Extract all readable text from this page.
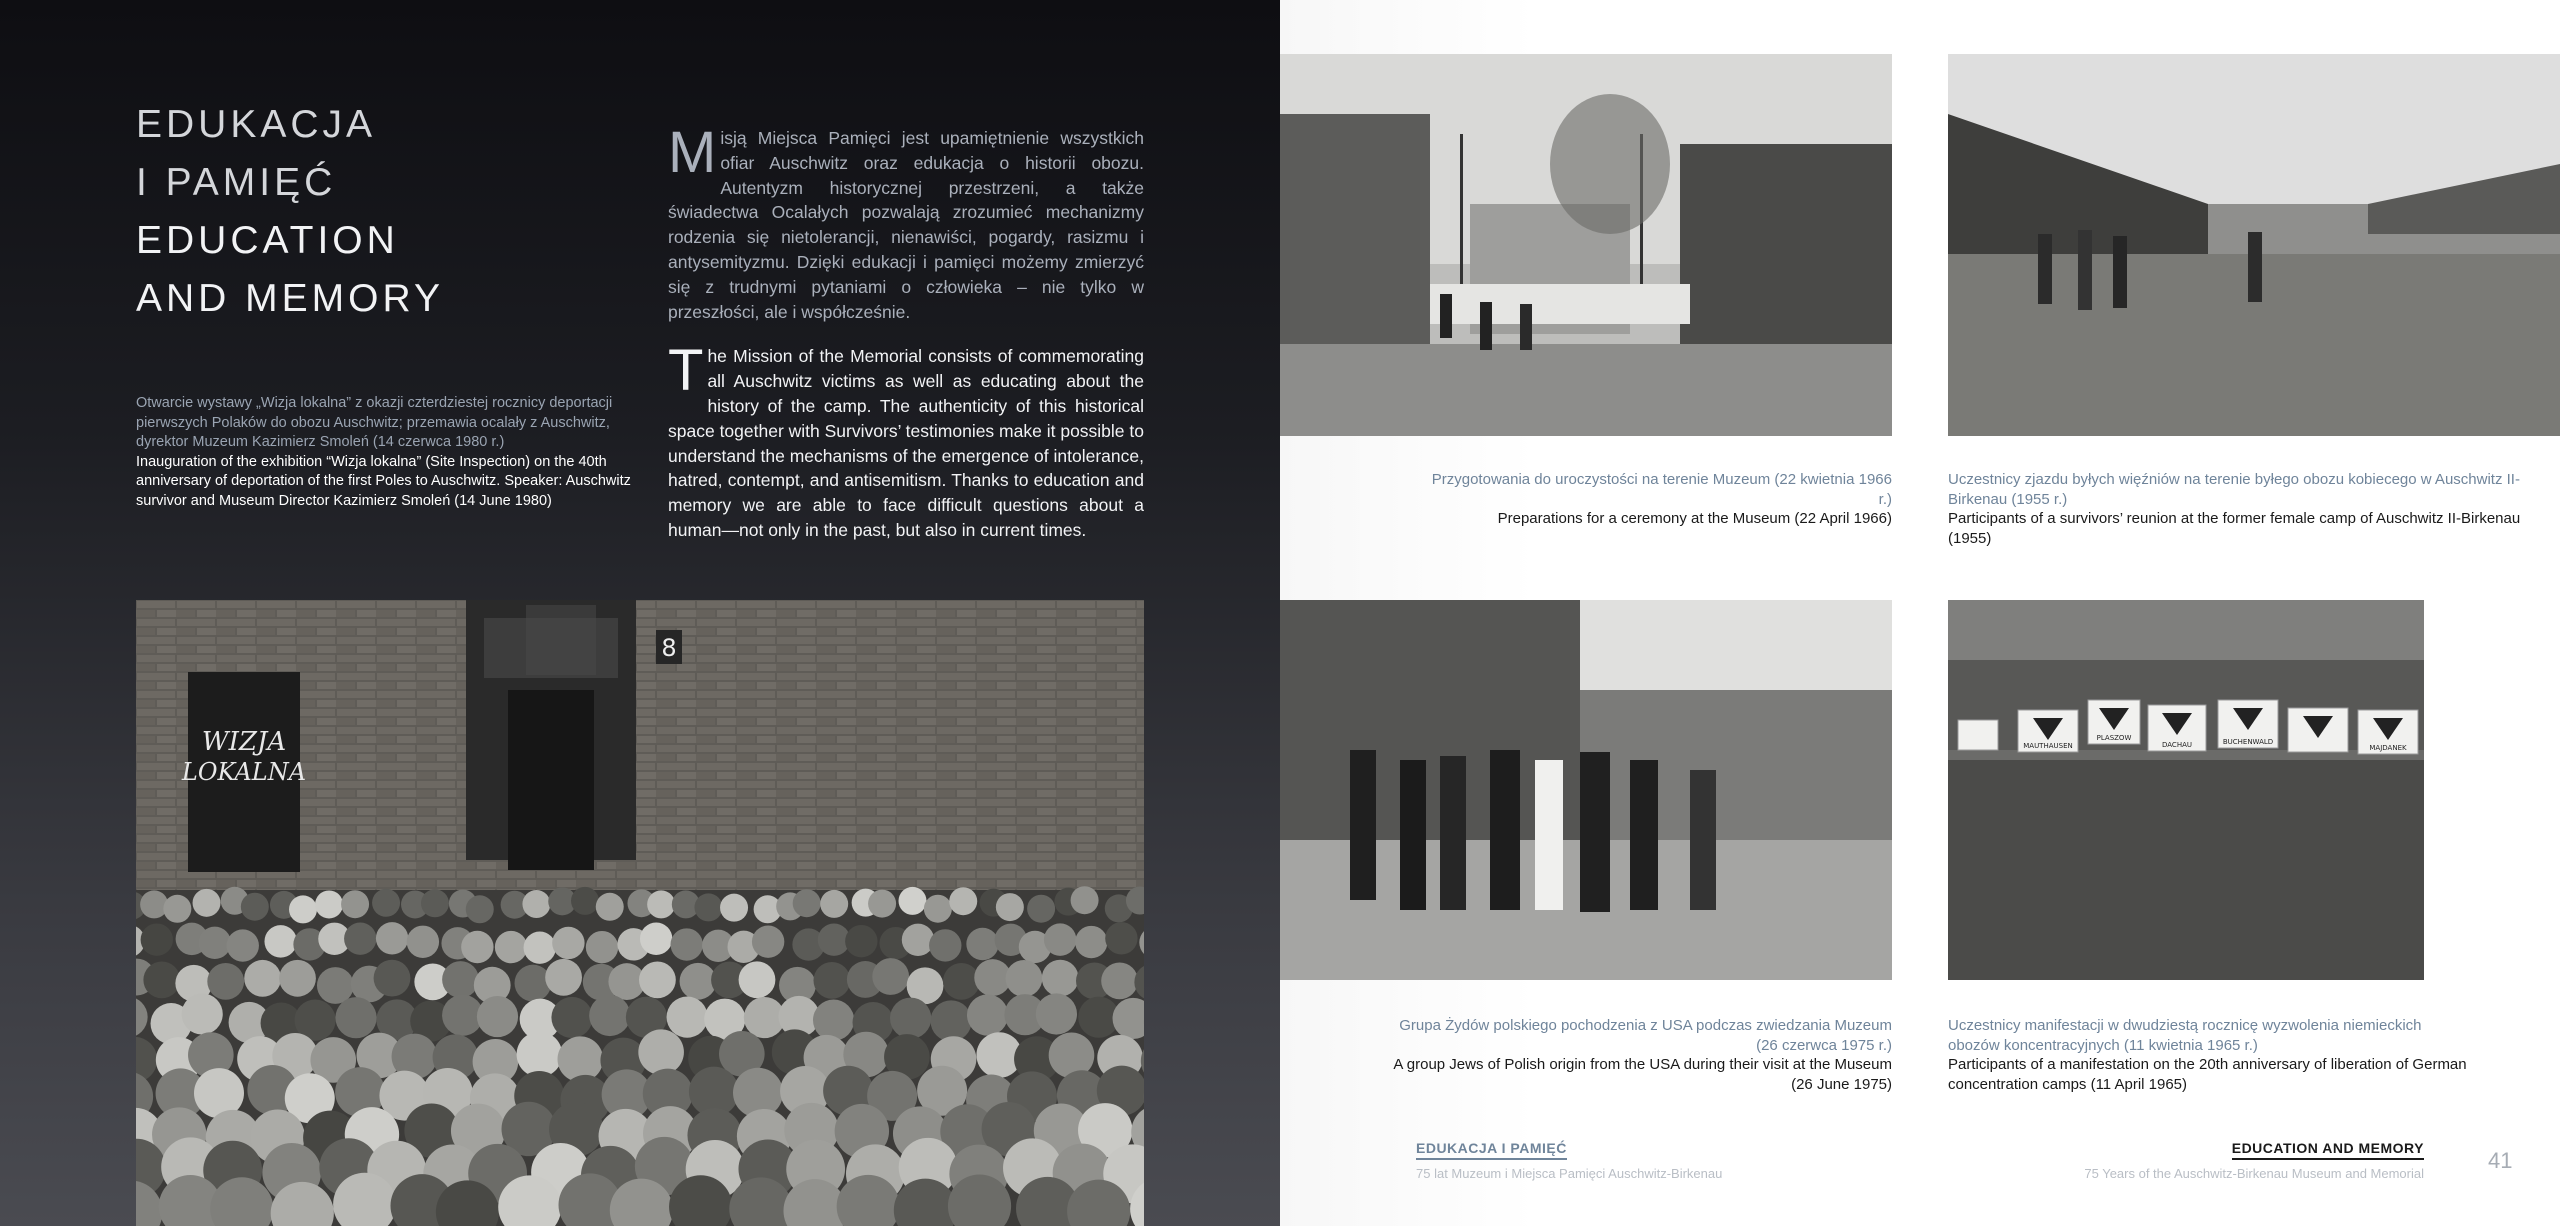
EDUKACJA
I PAMIĘĆ
EDUCATION
AND MEMORY
Otwarcie wystawy „Wizja lokalna” z okazji czterdziestej rocznicy deportacji pierwszych Polaków do obozu Auschwitz; przemawia ocalały z Auschwitz, dyrektor Muzeum Kazimierz Smoleń (14 czerwca 1980 r.)
Inauguration of the exhibition “Wizja lokalna” (Site Inspection) on the 40th anniversary of deportation of the first Poles to Auschwitz. Speaker: Auschwitz survivor and Museum Director Kazimierz Smoleń (14 June 1980)

Misją Miejsca Pamięci jest upamiętnienie wszystkich ofiar Auschwitz oraz edukacja o historii obozu. Autentyzm historycznej przestrzeni, a także świadectwa Ocalałych pozwalają zrozumieć mechanizmy rodzenia się nietolerancji, nienawiści, pogardy, rasizmu i antysemityzmu. Dzięki edukacji i pamięci możemy zmierzyć się z trudnymi pytaniami o człowieka – nie tylko w przeszłości, ale i współcześnie.

The Mission of the Memorial consists of commemorating all Auschwitz victims as well as educating about the history of the camp. The authenticity of this historical space together with Survivors’ testimonies make it possible to understand the mechanisms of the emergence of intolerance, hatred, contempt, and antisemitism. Thanks to education and memory we are able to face difficult questions about a human—not only in the past, but also in current times.

8
WIZJA
LOKALNA
Przygotowania do uroczystości na terenie Muzeum (22 kwietnia 1966 r.)
Preparations for a ceremony at the Museum (22 April 1966)
Uczestnicy zjazdu byłych więźniów na terenie byłego obozu kobiecego w Auschwitz II-Birkenau (1955 r.)
Participants of a survivors’ reunion at the former female camp of Auschwitz II-Birkenau (1955)
Grupa Żydów polskiego pochodzenia z USA podczas zwiedzania Muzeum (26 czerwca 1975 r.)
A group Jews of Polish origin from the USA during their visit at the Museum (26 June 1975)
MAUTHAUSEN
PLASZOW
DACHAU	BUCHENWALD
MAJDANEK
Uczestnicy manifestacji w dwudziestą rocznicę wyzwolenia niemieckich obozów koncentracyjnych (11 kwietnia 1965 r.)
Participants of a manifestation on the 20th anniversary of liberation of German concentration camps (11 April 1965)
EDUKACJA I PAMIĘĆ
75 lat Muzeum i Miejsca Pamięci Auschwitz-Birkenau
EDUCATION AND MEMORY
75 Years of the Auschwitz-Birkenau Museum and Memorial
41
